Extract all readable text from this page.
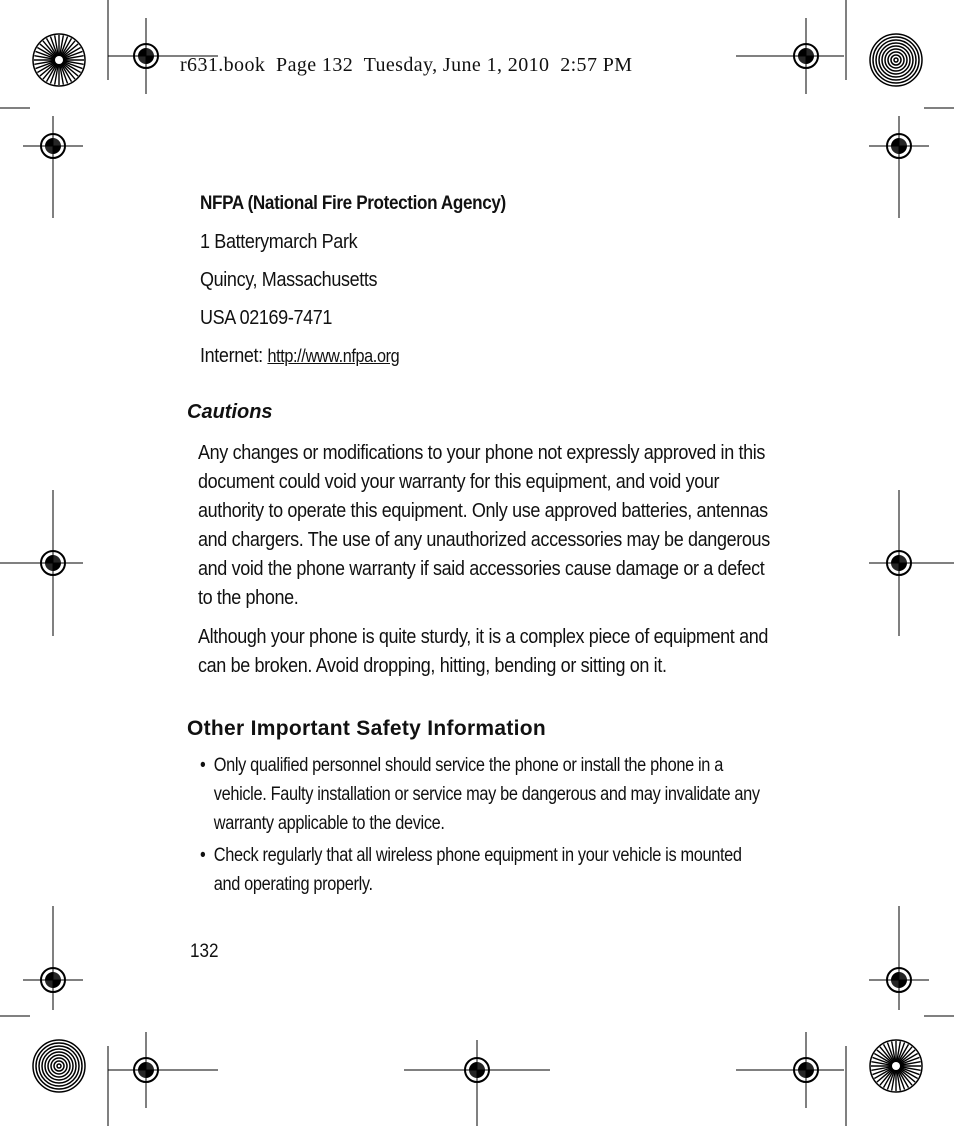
r631.book  Page 132  Tuesday, June 1, 2010  2:57 PM
NFPA (National Fire Protection Agency)
1 Batterymarch Park
Quincy, Massachusetts
USA 02169-7471
Internet: http://www.nfpa.org
Cautions
Any changes or modifications to your phone not expressly approved in this document could void your warranty for this equipment, and void your authority to operate this equipment. Only use approved batteries, antennas and chargers. The use of any unauthorized accessories may be dangerous and void the phone warranty if said accessories cause damage or a defect to the phone.
Although your phone is quite sturdy, it is a complex piece of equipment and can be broken. Avoid dropping, hitting, bending or sitting on it.
Other Important Safety Information
• Only qualified personnel should service the phone or install the phone in a vehicle. Faulty installation or service may be dangerous and may invalidate any warranty applicable to the device.
• Check regularly that all wireless phone equipment in your vehicle is mounted and operating properly.
132
